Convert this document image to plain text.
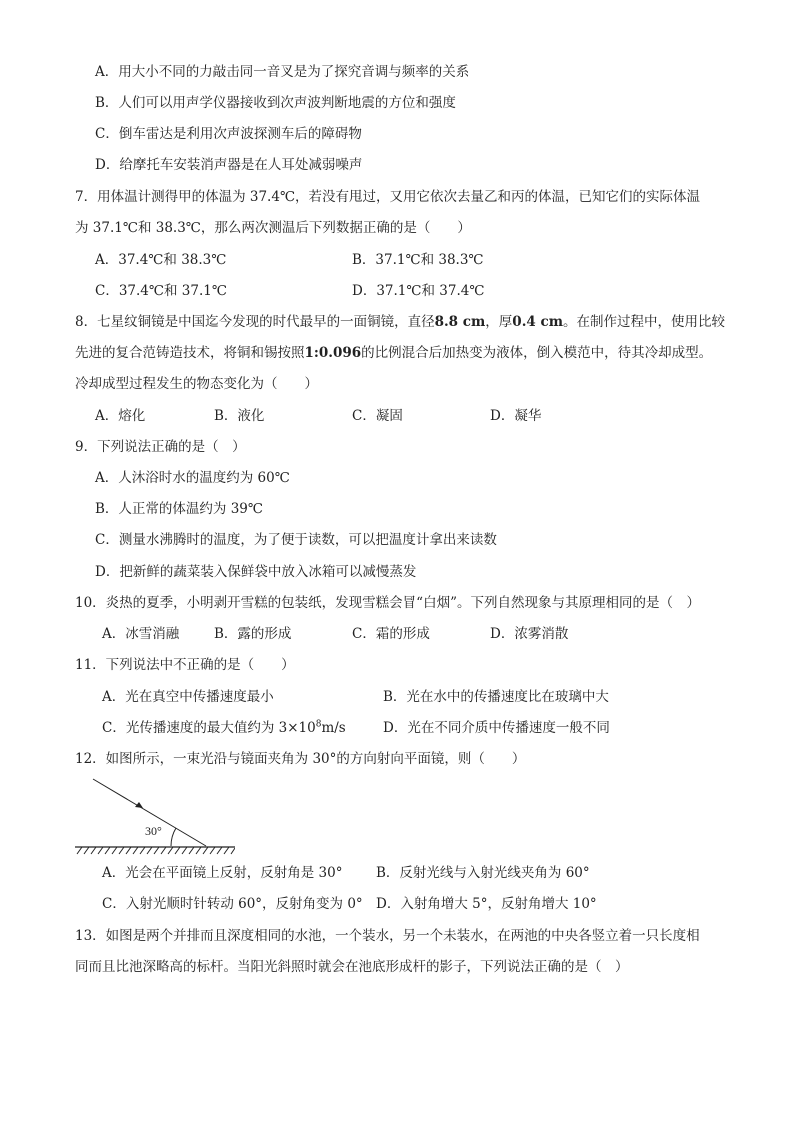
A．用大小不同的力敲击同一音叉是为了探究音调与频率的关系
B．人们可以用声学仪器接收到次声波判断地震的方位和强度
C．倒车雷达是利用次声波探测车后的障碍物
D．给摩托车安装消声器是在人耳处减弱噪声
7．用体温计测得甲的体温为 37.4℃，若没有甩过，又用它依次去量乙和丙的体温，已知它们的实际体温
为 37.1℃和 38.3℃，那么两次测温后下列数据正确的是（　　）
A．37.4℃和 38.3℃	B．37.1℃和 38.3℃
C．37.4℃和 37.1℃	D．37.1℃和 37.4℃
8．七星纹铜镜是中国迄今发现的时代最早的一面铜镜，直径8.8 cm，厚0.4 cm。在制作过程中，使用比较
先进的复合范铸造技术，将铜和锡按照1:0.096的比例混合后加热变为液体，倒入模范中，待其冷却成型。
冷却成型过程发生的物态变化为（　　）
A．熔化	B．液化	C．凝固	D．凝华
9．下列说法正确的是（　）
A．人沐浴时水的温度约为 60℃
B．人正常的体温约为 39℃
C．测量水沸腾时的温度，为了便于读数，可以把温度计拿出来读数
D．把新鲜的蔬菜装入保鲜袋中放入冰箱可以减慢蒸发
10．炎热的夏季，小明剥开雪糕的包装纸，发现雪糕会冒“白烟”。下列自然现象与其原理相同的是（　）
A．冰雪消融	B．露的形成	C．霜的形成	D．浓雾消散
11．下列说法中不正确的是（　　）
A．光在真空中传播速度最小	B．光在水中的传播速度比在玻璃中大
C．光传播速度的最大值约为 $3\times 10^8m/s$	D．光在不同介质中传播速度一般不同
12．如图所示，一束光沿与镜面夹角为 30°的方向射向平面镜，则（　　）
30°
A．光会在平面镜上反射，反射角是 30° B．反射光线与入射光线夹角为 60°
C．入射光顺时针转动 60°，反射角变为 0° D．入射角增大 5°，反射角增大 10°
13．如图是两个并排而且深度相同的水池，一个装水，另一个未装水，在两池的中央各竖立着一只长度相
同而且比池深略高的标杆。当阳光斜照时就会在池底形成杆的影子，下列说法正确的是（　）
